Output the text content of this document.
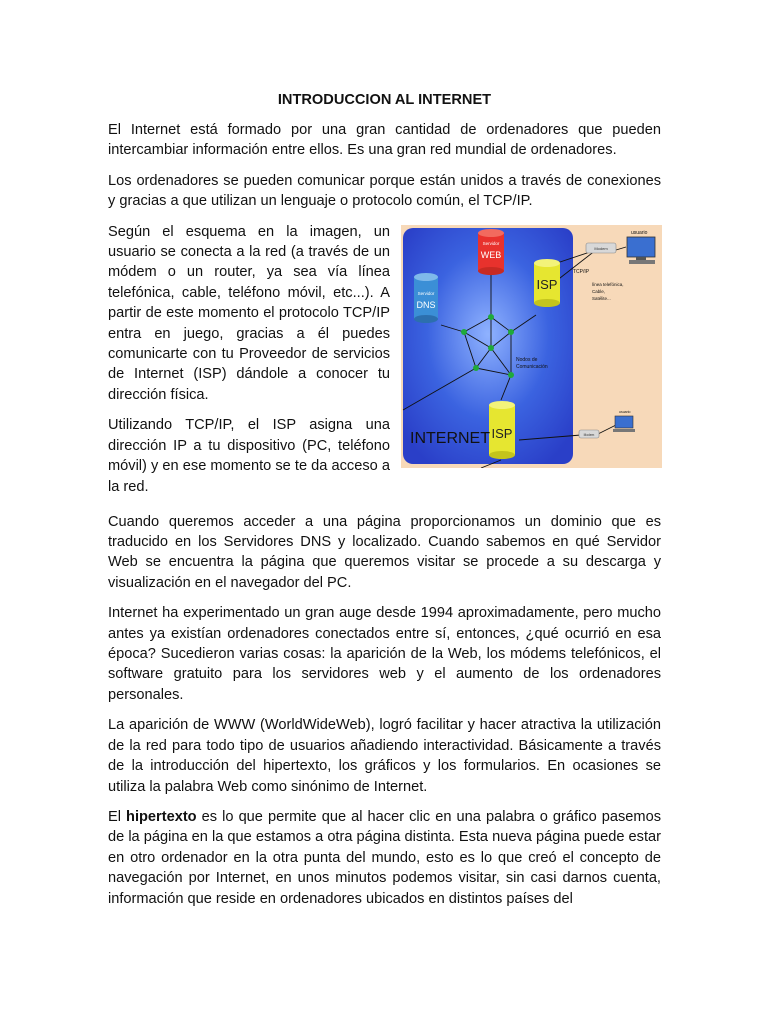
INTRODUCCION AL INTERNET

El Internet está formado por una gran cantidad de ordenadores que pueden intercambiar información entre ellos. Es una gran red mundial de ordenadores.

Los ordenadores se pueden comunicar porque están unidos a través de conexiones y gracias a que utilizan un lenguaje o protocolo común, el TCP/IP.

Según el esquema en la imagen, un usuario se conecta a la red (a través de un módem o un router, ya sea vía línea telefónica, cable, teléfono móvil, etc...). A partir de este momento el protocolo TCP/IP entra en juego, gracias a él puedes comunicarte con tu Proveedor de servicios de Internet (ISP) dándole a conocer tu dirección física.

Utilizando TCP/IP, el ISP asigna una dirección IP a tu dispositivo (PC, teléfono móvil) y en ese momento se te da acceso a la red.

Servidor
WEB
Servidor
DNS
ISP
ISP
INTERNET
Nodos de
Comunicación
Modem
usuario
TCP/IP
línea telefónica,
Cable,
Satélite...
Modem
usuario

Cuando queremos acceder a una página proporcionamos un dominio que es traducido en los Servidores DNS y localizado. Cuando sabemos en qué Servidor Web se encuentra la página que queremos visitar se procede a su descarga y visualización en el navegador del PC.

Internet ha experimentado un gran auge desde 1994 aproximadamente, pero mucho antes ya existían ordenadores conectados entre sí, entonces, ¿qué ocurrió en esa época? Sucedieron varias cosas: la aparición de la Web, los módems telefónicos, el software gratuito para los servidores web y el aumento de los ordenadores personales.

La aparición de WWW (WorldWideWeb), logró facilitar y hacer atractiva la utilización de la red para todo tipo de usuarios añadiendo interactividad. Básicamente a través de la introducción del hipertexto, los gráficos y los formularios. En ocasiones se utiliza la palabra Web como sinónimo de Internet.

El hipertexto es lo que permite que al hacer clic en una palabra o gráfico pasemos de la página en la que estamos a otra página distinta. Esta nueva página puede estar en otro ordenador en la otra punta del mundo, esto es lo que creó el concepto de navegación por Internet, en unos minutos podemos visitar, sin casi darnos cuenta, información que reside en ordenadores ubicados en distintos países del
